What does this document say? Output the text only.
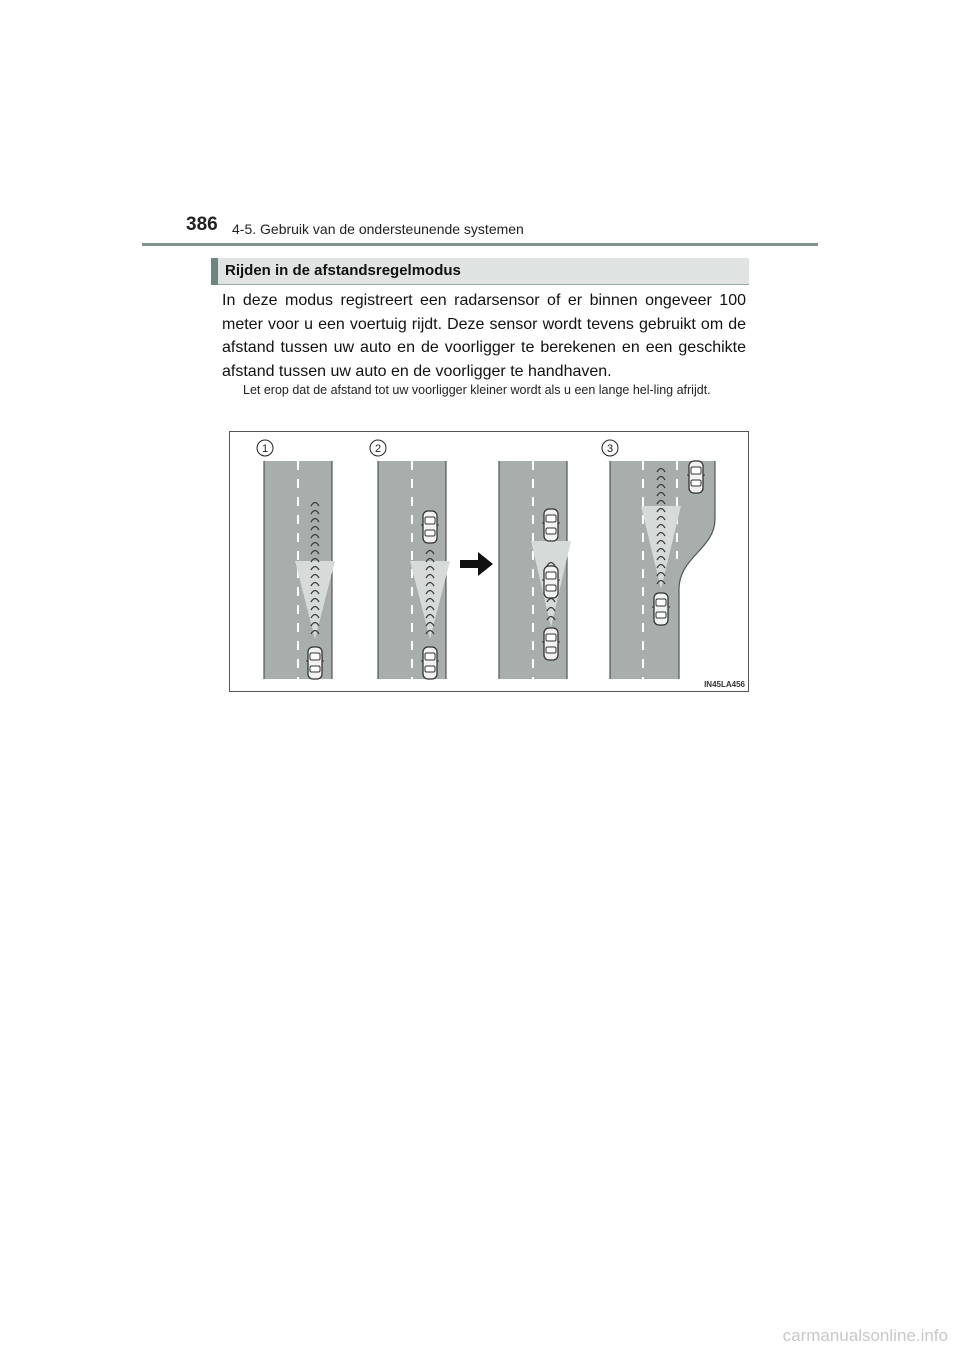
386 4-5. Gebruik van de ondersteunende systemen
Rijden in de afstandsregelmodus
In deze modus registreert een radarsensor of er binnen ongeveer 100 meter voor u een voertuig rijdt. Deze sensor wordt tevens gebruikt om de afstand tussen uw auto en de voorligger te berekenen en een geschikte afstand tussen uw auto en de voorligger te handhaven.
Let erop dat de afstand tot uw voorligger kleiner wordt als u een lange hel-ling afrijdt.
1	2	3
IN45LA456
carmanualsonline.info
